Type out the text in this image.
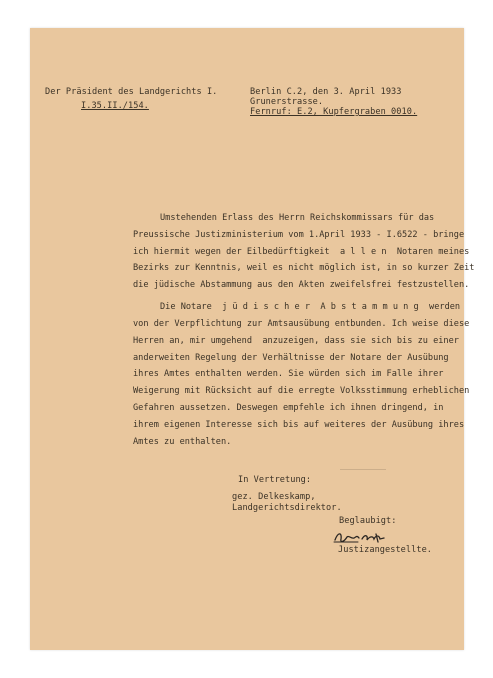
Der Präsident des Landgerichts I.
I.35.II./154.
Berlin C.2, den 3. April 1933
Grunerstrasse.
Fernruf: E.2, Kupfergraben 0010.
Umstehenden Erlass des Herrn Reichskommissars für das
Preussische Justizministerium vom 1.April 1933 - I.6522 - bringe
ich hiermit wegen der Eilbedürftigkeit  a l l e n  Notaren meines
Bezirks zur Kenntnis, weil es nicht möglich ist, in so kurzer Zeit
die jüdische Abstammung aus den Akten zweifelsfrei festzustellen.
Die Notare  j ü d i s c h e r  A b s t a m m u n g  werden
von der Verpflichtung zur Amtsausübung entbunden. Ich weise diese
Herren an, mir umgehend  anzuzeigen, dass sie sich bis zu einer
anderweiten Regelung der Verhältnisse der Notare der Ausübung
ihres Amtes enthalten werden. Sie würden sich im Falle ihrer
Weigerung mit Rücksicht auf die erregte Volksstimmung erheblichen
Gefahren aussetzen. Deswegen empfehle ich ihnen dringend, in
ihrem eigenen Interesse sich bis auf weiteres der Ausübung ihres
Amtes zu enthalten.
In Vertretung:
gez. Delkeskamp,
Landgerichtsdirektor.
Beglaubigt:
Justizangestellte.
